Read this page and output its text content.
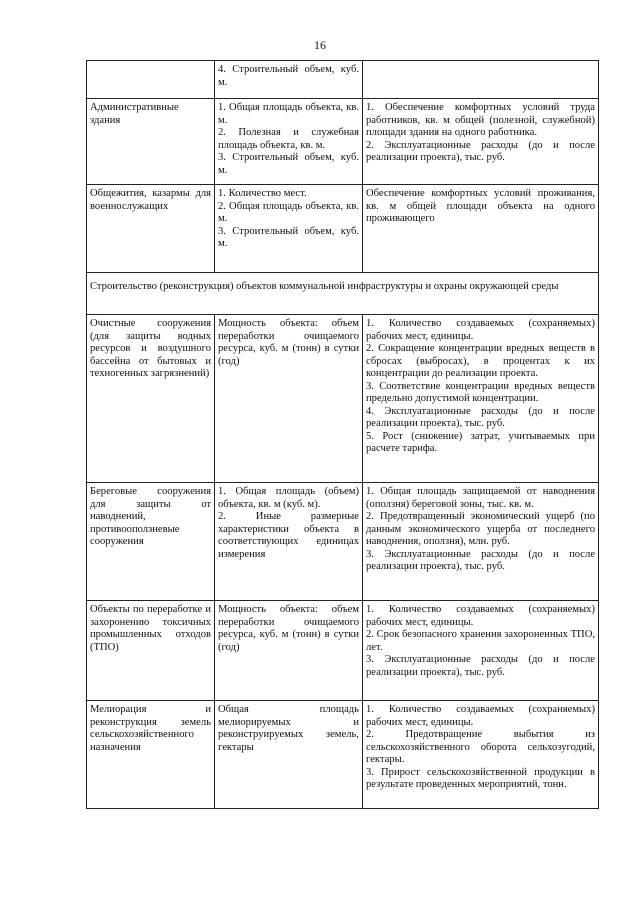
16

	4. Строительный объем, куб. м.	

Административные здания	1. Общая площадь объекта, кв. м.
2. Полезная и служебная площадь объекта, кв. м.
3. Строительный объем, куб. м.	1. Обеспечение комфортных условий труда работников, кв. м общей (полезной, служебной) площади здания на одного работника.
2. Эксплуатационные расходы (до и после реализации проекта), тыс. руб.

Общежития, казармы для военнослужащих	1. Количество мест.
2. Общая площадь объекта, кв. м.
3. Строительный объем, куб. м.	Обеспечение комфортных условий проживания, кв. м общей площади объекта на одного проживающего

Строительство (реконструкция) объектов коммунальной инфраструктуры и охраны окружающей среды		

Очистные сооружения (для защиты водных ресурсов и воздушного бассейна от бытовых и техногенных загрязнений)	Мощность объекта: объем переработки очищаемого ресурса, куб. м (тонн) в сутки (год)	1. Количество создаваемых (сохраняемых) рабочих мест, единицы.
2. Сокращение концентрации вредных веществ в сбросах (выбросах), в процентах к их концентрации до реализации проекта.
3. Соответствие концентрации вредных веществ предельно допустимой концентрации.
4. Эксплуатационные расходы (до и после реализации проекта), тыс. руб.
5. Рост (снижение) затрат, учитываемых при расчете тарифа.

Береговые сооружения для защиты от наводнений, противооползневые сооружения	1. Общая площадь (объем) объекта, кв. м (куб. м).
2. Иные размерные характеристики объекта в соответствующих единицах измерения	1. Общая площадь защищаемой от наводнения (оползня) береговой зоны, тыс. кв. м.
2. Предотвращенный экономический ущерб (по данным экономического ущерба от последнего наводнения, оползня), млн. руб.
3. Эксплуатационные расходы (до и после реализации проекта), тыс. руб.

Объекты по переработке и захоронению токсичных промышленных отходов (ТПО)	Мощность объекта: объем переработки очищаемого ресурса, куб. м (тонн) в сутки (год)	1. Количество создаваемых (сохраняемых) рабочих мест, единицы.
2. Срок безопасного хранения захороненных ТПО, лет.
3. Эксплуатационные расходы (до и после реализации проекта), тыс. руб.

Мелиорация и реконструкция земель сельскохозяйственного назначения	Общая площадь мелиорируемых и реконструируемых земель, гектары	1. Количество создаваемых (сохраняемых) рабочих мест, единицы.
2. Предотвращение выбытия из сельскохозяйственного оборота сельхозугодий, гектары.
3. Прирост сельскохозяйственной продукции в результате проведенных мероприятий, тонн.
